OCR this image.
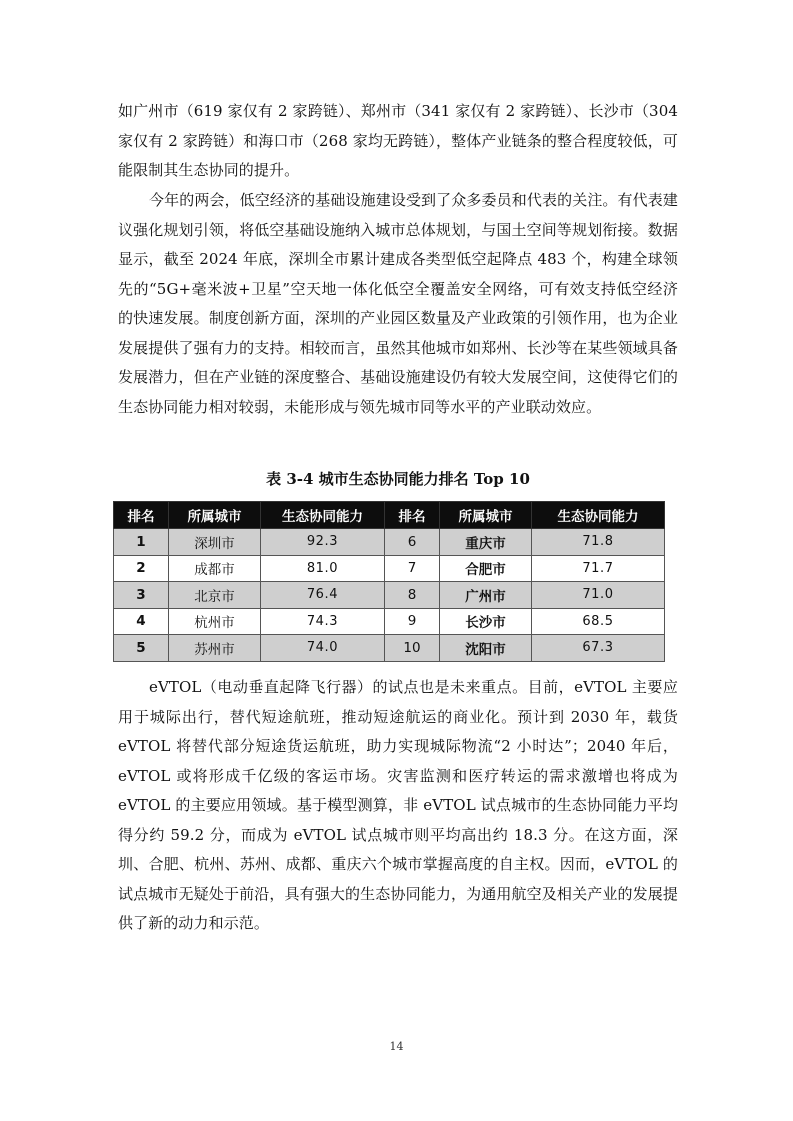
如广州市（619 家仅有 2 家跨链）、郑州市（341 家仅有 2 家跨链）、长沙市（304 家仅有 2 家跨链）和海口市（268 家均无跨链），整体产业链条的整合程度较低，可能限制其生态协同的提升。

今年的两会，低空经济的基础设施建设受到了众多委员和代表的关注。有代表建议强化规划引领，将低空基础设施纳入城市总体规划，与国土空间等规划衔接。数据显示，截至 2024 年底，深圳全市累计建成各类型低空起降点 483 个，构建全球领先的“5G+毫米波+卫星”空天地一体化低空全覆盖安全网络，可有效支持低空经济的快速发展。制度创新方面，深圳的产业园区数量及产业政策的引领作用，也为企业发展提供了强有力的支持。相较而言，虽然其他城市如郑州、长沙等在某些领域具备发展潜力，但在产业链的深度整合、基础设施建设仍有较大发展空间，这使得它们的生态协同能力相对较弱，未能形成与领先城市同等水平的产业联动效应。

表 3-4 城市生态协同能力排名 Top 10

排名	所属城市	生态协同能力	排名	所属城市	生态协同能力
1	深圳市	92.3	6	重庆市	71.8
2	成都市	81.0	7	合肥市	71.7
3	北京市	76.4	8	广州市	71.0
4	杭州市	74.3	9	长沙市	68.5
5	苏州市	74.0	10	沈阳市	67.3

eVTOL（电动垂直起降飞行器）的试点也是未来重点。目前，eVTOL 主要应用于城际出行，替代短途航班，推动短途航运的商业化。预计到 2030 年，载货 eVTOL 将替代部分短途货运航班，助力实现城际物流“2 小时达”；2040 年后，eVTOL 或将形成千亿级的客运市场。灾害监测和医疗转运的需求激增也将成为 eVTOL 的主要应用领域。基于模型测算，非 eVTOL 试点城市的生态协同能力平均得分约 59.2 分，而成为 eVTOL 试点城市则平均高出约 18.3 分。在这方面，深圳、合肥、杭州、苏州、成都、重庆六个城市掌握高度的自主权。因而，eVTOL 的试点城市无疑处于前沿，具有强大的生态协同能力，为通用航空及相关产业的发展提供了新的动力和示范。

14
